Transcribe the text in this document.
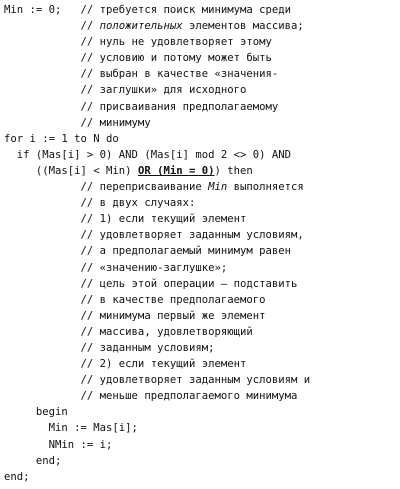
Min := 0;   // требуется поиск минимума среди
// положительных элементов массива;
// нуль не удовлетворяет этому
// условию и потому может быть
// выбран в качестве «значения-
// заглушки» для исходного
// присваивания предполагаемому
// минимуму
for i := 1 to N do
if (Mas[i] > 0) AND (Mas[i] mod 2 <> 0) AND
((Mas[i] < Min) OR (Min = 0)) then
// переприсваивание Min выполняется
// в двух случаях:
// 1) если текущий элемент
// удовлетворяет заданным условиям,
// а предполагаемый минимум равен
// «значению-заглушке»;
// цель этой операции — подставить
// в качестве предполагаемого
// минимума первый же элемент
// массива, удовлетворяющий
// заданным условиям;
// 2) если текущий элемент
// удовлетворяет заданным условиям и
// меньше предполагаемого минимума
begin
Min := Mas[i];
NMin := i;
end;
end;
